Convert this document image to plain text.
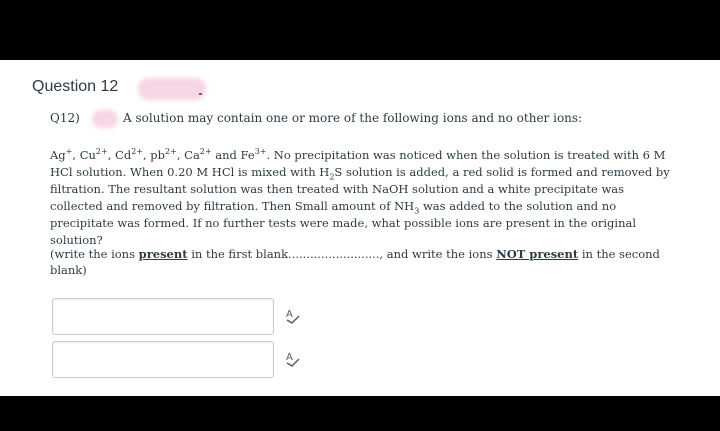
Question 12
Q12)	A solution may contain one or more of the following ions and no other ions:
Ag+, $Cu^{2+}$, $Cd^{2+}$, $pb^{2+}$, $Ca^{2+}$ and $Fe^{3+}$. No precipitation was noticed when the solution is treated with 6 M HCl solution. When 0.20 M HCl is mixed with $H_2S$ solution is added, a red solid is formed and removed by filtration. The resultant solution was then treated with NaOH solution and a white precipitate was collected and removed by filtration. Then Small amount of $NH_3$ was added to the solution and no precipitate was formed. If no further tests were made, what possible ions are present in the original solution?
(write the ions present in the first blank........................., and write the ions NOT present in the second blank)
A
A
